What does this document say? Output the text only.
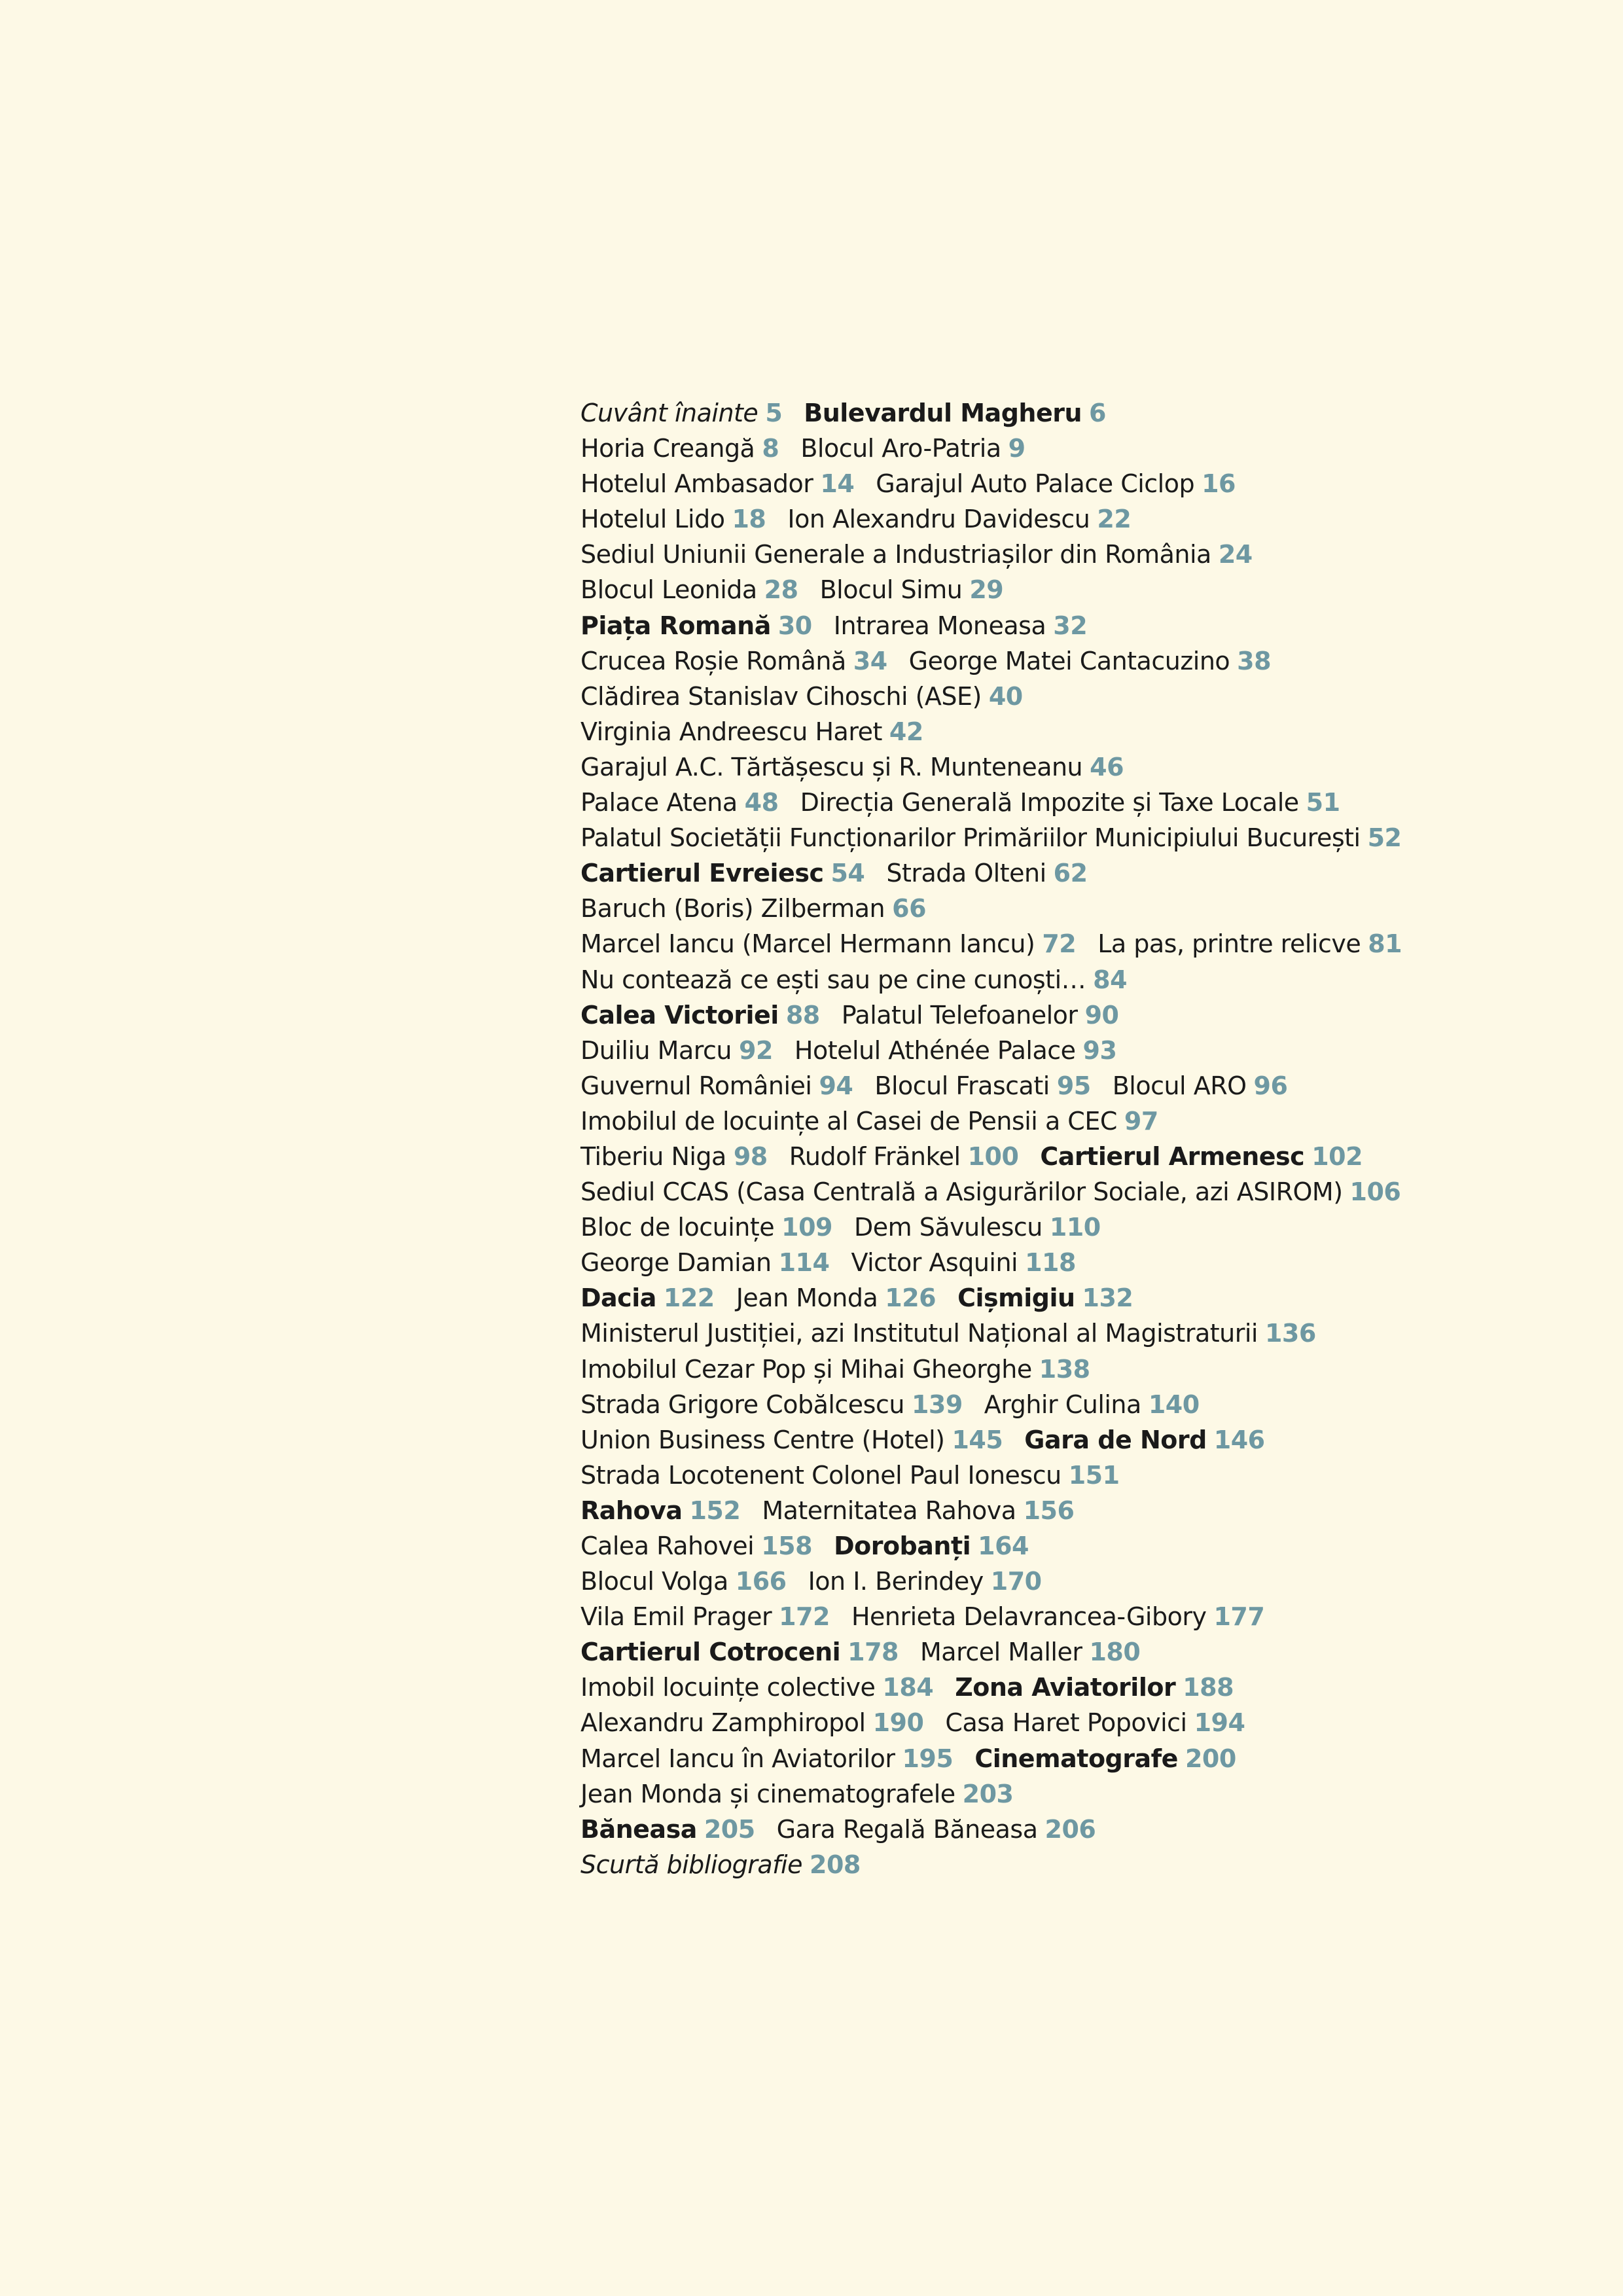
Cuvânt înainte 5 Bulevardul Magheru 6
Horia Creangă 8 Blocul Aro-Patria 9
Hotelul Ambasador 14 Garajul Auto Palace Ciclop 16
Hotelul Lido 18 Ion Alexandru Davidescu 22
Sediul Uniunii Generale a Industriașilor din România 24
Blocul Leonida 28 Blocul Simu 29
Piața Romană 30 Intrarea Moneasa 32
Crucea Roșie Română 34 George Matei Cantacuzino 38
Clădirea Stanislav Cihoschi (ASE) 40
Virginia Andreescu Haret 42
Garajul A.C. Tărtășescu și R. Munteneanu 46
Palace Atena 48 Direcția Generală Impozite și Taxe Locale 51
Palatul Societății Funcționarilor Primăriilor Municipiului București 52
Cartierul Evreiesc 54 Strada Olteni 62
Baruch (Boris) Zilberman 66
Marcel Iancu (Marcel Hermann Iancu) 72 La pas, printre relicve 81
Nu contează ce ești sau pe cine cunoști… 84
Calea Victoriei 88 Palatul Telefoanelor 90
Duiliu Marcu 92 Hotelul Athénée Palace 93
Guvernul României 94 Blocul Frascati 95 Blocul ARO 96
Imobilul de locuințe al Casei de Pensii a CEC 97
Tiberiu Niga 98 Rudolf Fränkel 100 Cartierul Armenesc 102
Sediul CCAS (Casa Centrală a Asigurărilor Sociale, azi ASIROM) 106
Bloc de locuințe 109 Dem Săvulescu 110
George Damian 114 Victor Asquini 118
Dacia 122 Jean Monda 126 Cișmigiu 132
Ministerul Justiției, azi Institutul Național al Magistraturii 136
Imobilul Cezar Pop și Mihai Gheorghe 138
Strada Grigore Cobălcescu 139 Arghir Culina 140
Union Business Centre (Hotel) 145 Gara de Nord 146
Strada Locotenent Colonel Paul Ionescu 151
Rahova 152 Maternitatea Rahova 156
Calea Rahovei 158 Dorobanți 164
Blocul Volga 166 Ion I. Berindey 170
Vila Emil Prager 172 Henrieta Delavrancea-Gibory 177
Cartierul Cotroceni 178 Marcel Maller 180
Imobil locuințe colective 184 Zona Aviatorilor 188
Alexandru Zamphiropol 190 Casa Haret Popovici 194
Marcel Iancu în Aviatorilor 195 Cinematografe 200
Jean Monda și cinematografele 203
Băneasa 205 Gara Regală Băneasa 206
Scurtă bibliografie 208
